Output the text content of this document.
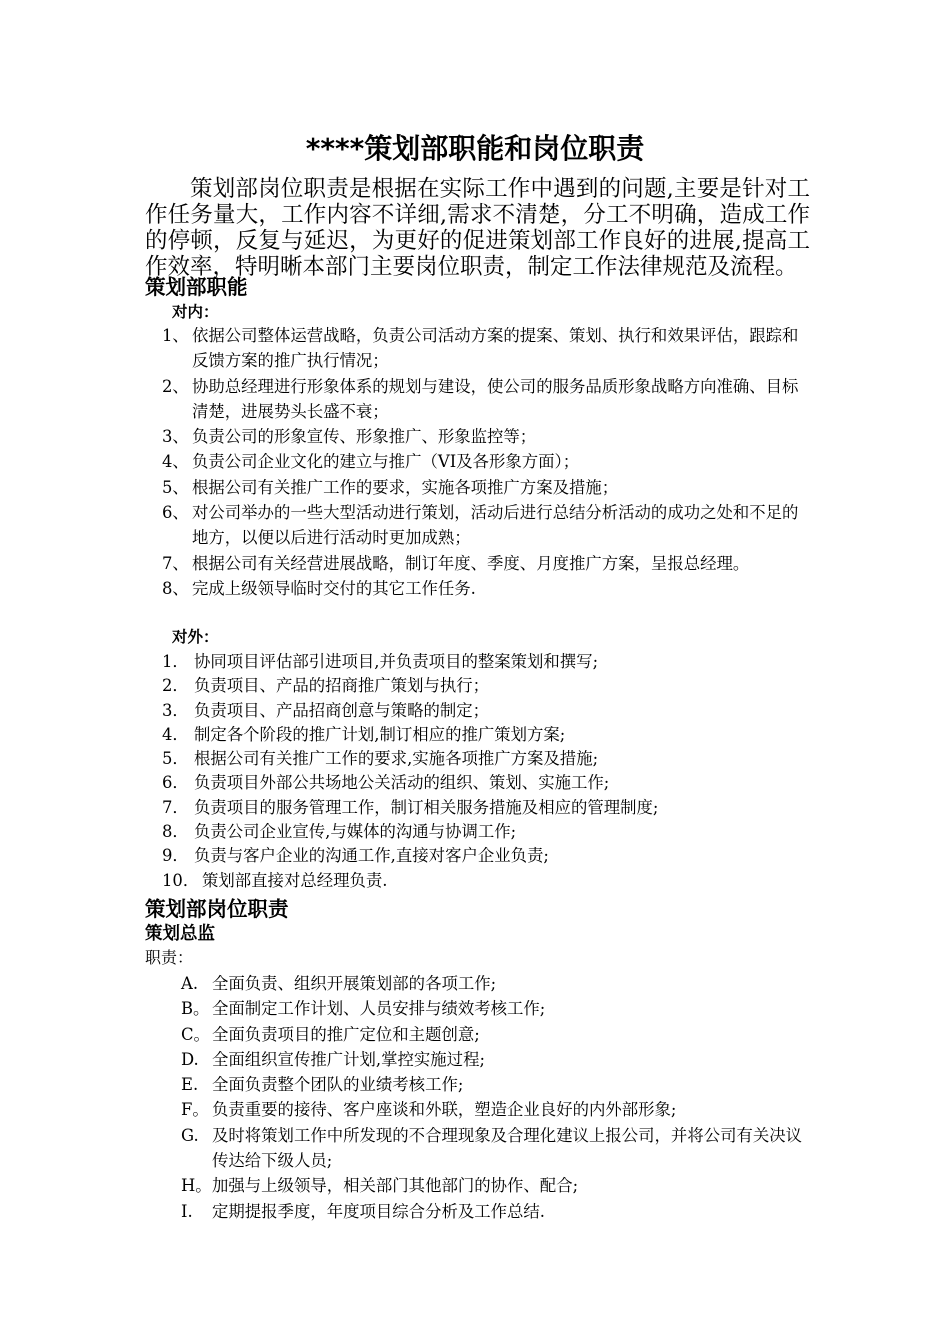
****策划部职能和岗位职责

策划部岗位职责是根据在实际工作中遇到的问题,主要是针对工作任务量大，工作内容不详细,需求不清楚，分工不明确，造成工作的停顿，反复与延迟，为更好的促进策划部工作良好的进展,提高工作效率，特明晰本部门主要岗位职责，制定工作法律规范及流程。

策划部职能
对内：
1、 依据公司整体运营战略，负责公司活动方案的提案、策划、执行和效果评估，跟踪和反馈方案的推广执行情况；
2、 协助总经理进行形象体系的规划与建设，使公司的服务品质形象战略方向准确、目标清楚，进展势头长盛不衰；
3、 负责公司的形象宣传、形象推广、形象监控等；
4、 负责公司企业文化的建立与推广（VI及各形象方面）；
5、 根据公司有关推广工作的要求，实施各项推广方案及措施；
6、 对公司举办的一些大型活动进行策划，活动后进行总结分析活动的成功之处和不足的地方，以便以后进行活动时更加成熟；
7、 根据公司有关经营进展战略，制订年度、季度、月度推广方案，呈报总经理。
8、 完成上级领导临时交付的其它工作任务.
对外：
1． 协同项目评估部引进项目,并负责项目的整案策划和撰写;
2． 负责项目、产品的招商推广策划与执行；
3． 负责项目、产品招商创意与策略的制定；
4． 制定各个阶段的推广计划,制订相应的推广策划方案;
5． 根据公司有关推广工作的要求,实施各项推广方案及措施;
6． 负责项目外部公共场地公关活动的组织、策划、实施工作;
7． 负责项目的服务管理工作，制订相关服务措施及相应的管理制度;
8． 负责公司企业宣传,与媒体的沟通与协调工作;
9． 负责与客户企业的沟通工作,直接对客户企业负责;
10． 策划部直接对总经理负责.
策划部岗位职责
策划总监
职责：
A. 全面负责、组织开展策划部的各项工作;
B。 全面制定工作计划、人员安排与绩效考核工作;
C。 全面负责项目的推广定位和主题创意;
D. 全面组织宣传推广计划,掌控实施过程;
E. 全面负责整个团队的业绩考核工作;
F。 负责重要的接待、客户座谈和外联，塑造企业良好的内外部形象;
G. 及时将策划工作中所发现的不合理现象及合理化建议上报公司，并将公司有关决议传达给下级人员;
H。 加强与上级领导，相关部门其他部门的协作、配合;
I. 定期提报季度，年度项目综合分析及工作总结.
